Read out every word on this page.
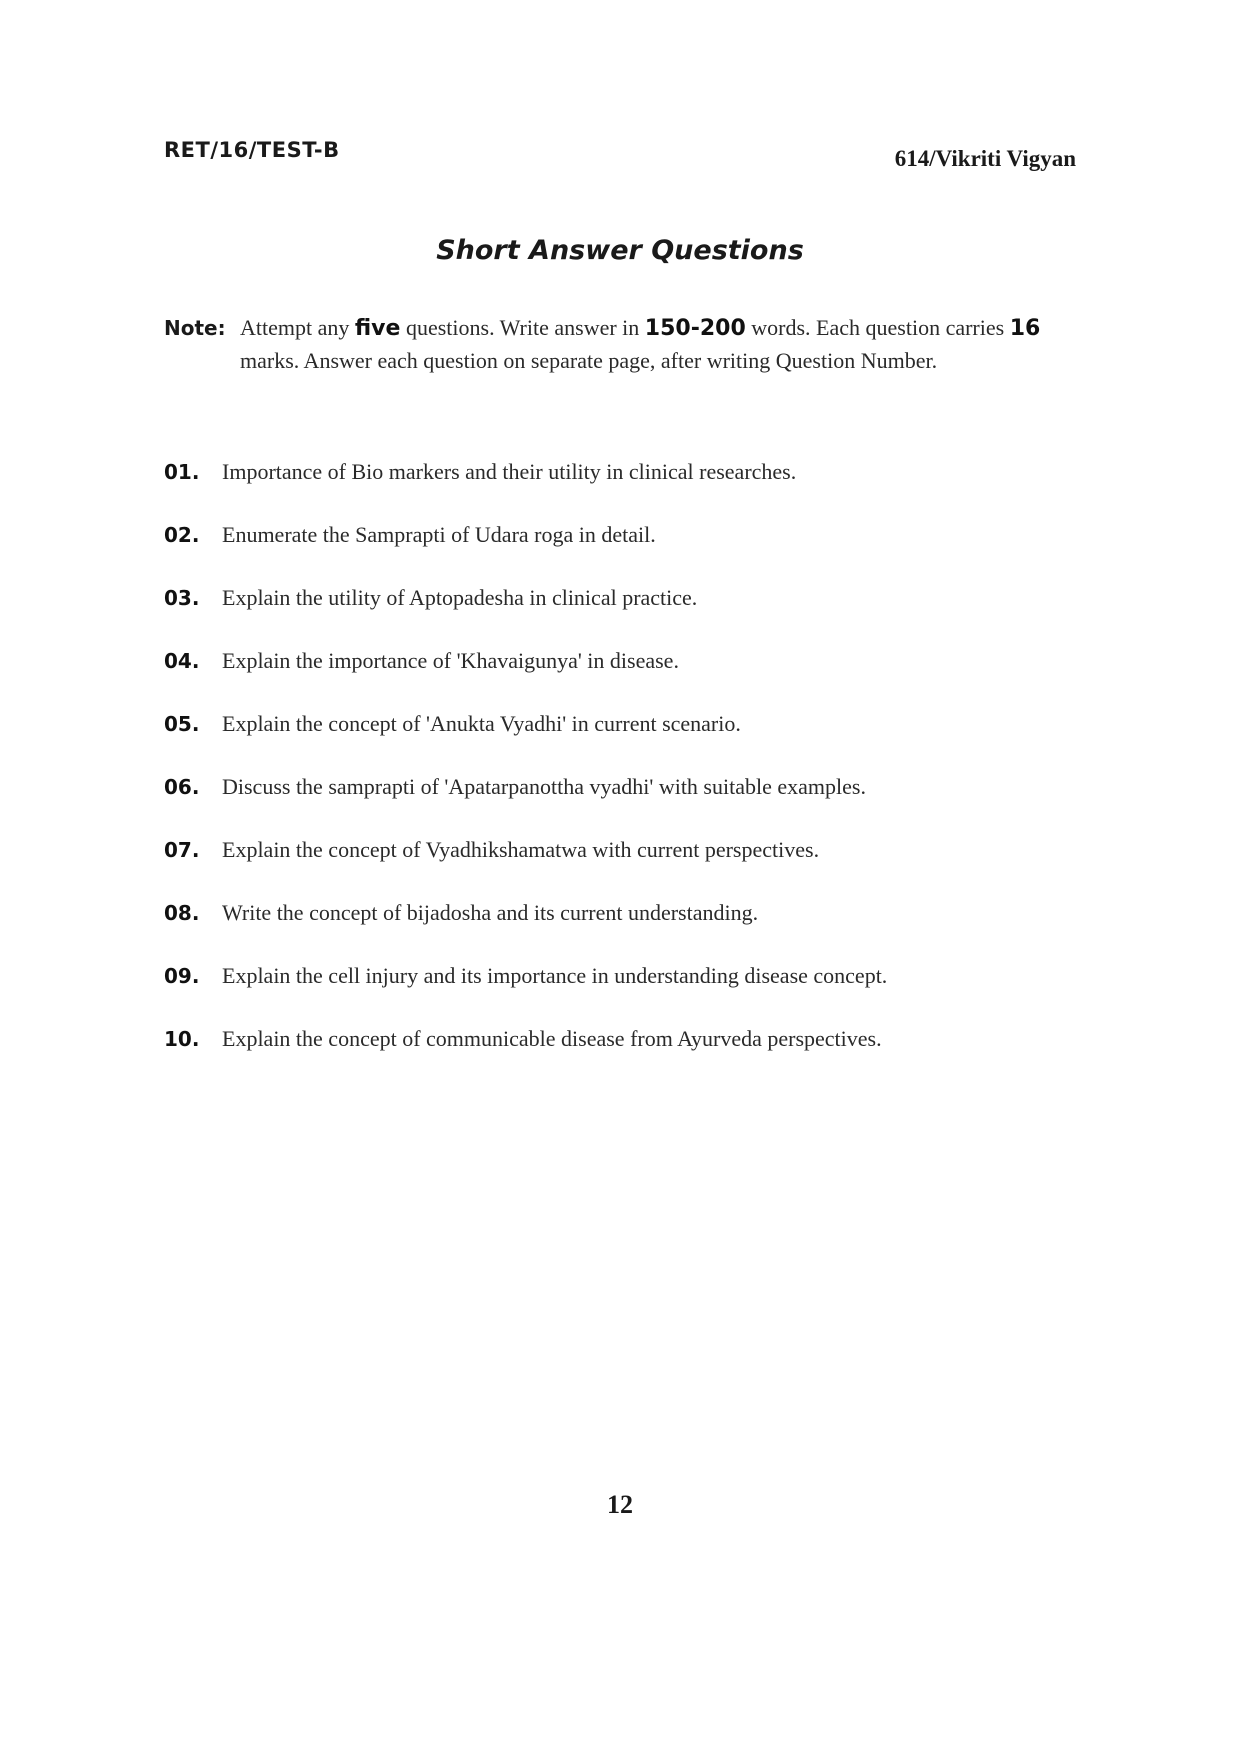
RET/16/TEST-B	614/Vikriti Vigyan
Short Answer Questions
Note: Attempt any five questions. Write answer in 150-200 words. Each question carries 16 marks. Answer each question on separate page, after writing Question Number.
01.	Importance of Bio markers and their utility in clinical researches.
02.	Enumerate the Samprapti of Udara roga in detail.
03.	Explain the utility of Aptopadesha in clinical practice.
04.	Explain the importance of 'Khavaigunya' in disease.
05.	Explain the concept of 'Anukta Vyadhi' in current scenario.
06.	Discuss the samprapti of 'Apatarpanottha vyadhi' with suitable examples.
07.	Explain the concept of Vyadhikshamatwa with current perspectives.
08.	Write the concept of bijadosha and its current understanding.
09.	Explain the cell injury and its importance in understanding disease concept.
10.	Explain the concept of communicable disease from Ayurveda perspectives.
12
